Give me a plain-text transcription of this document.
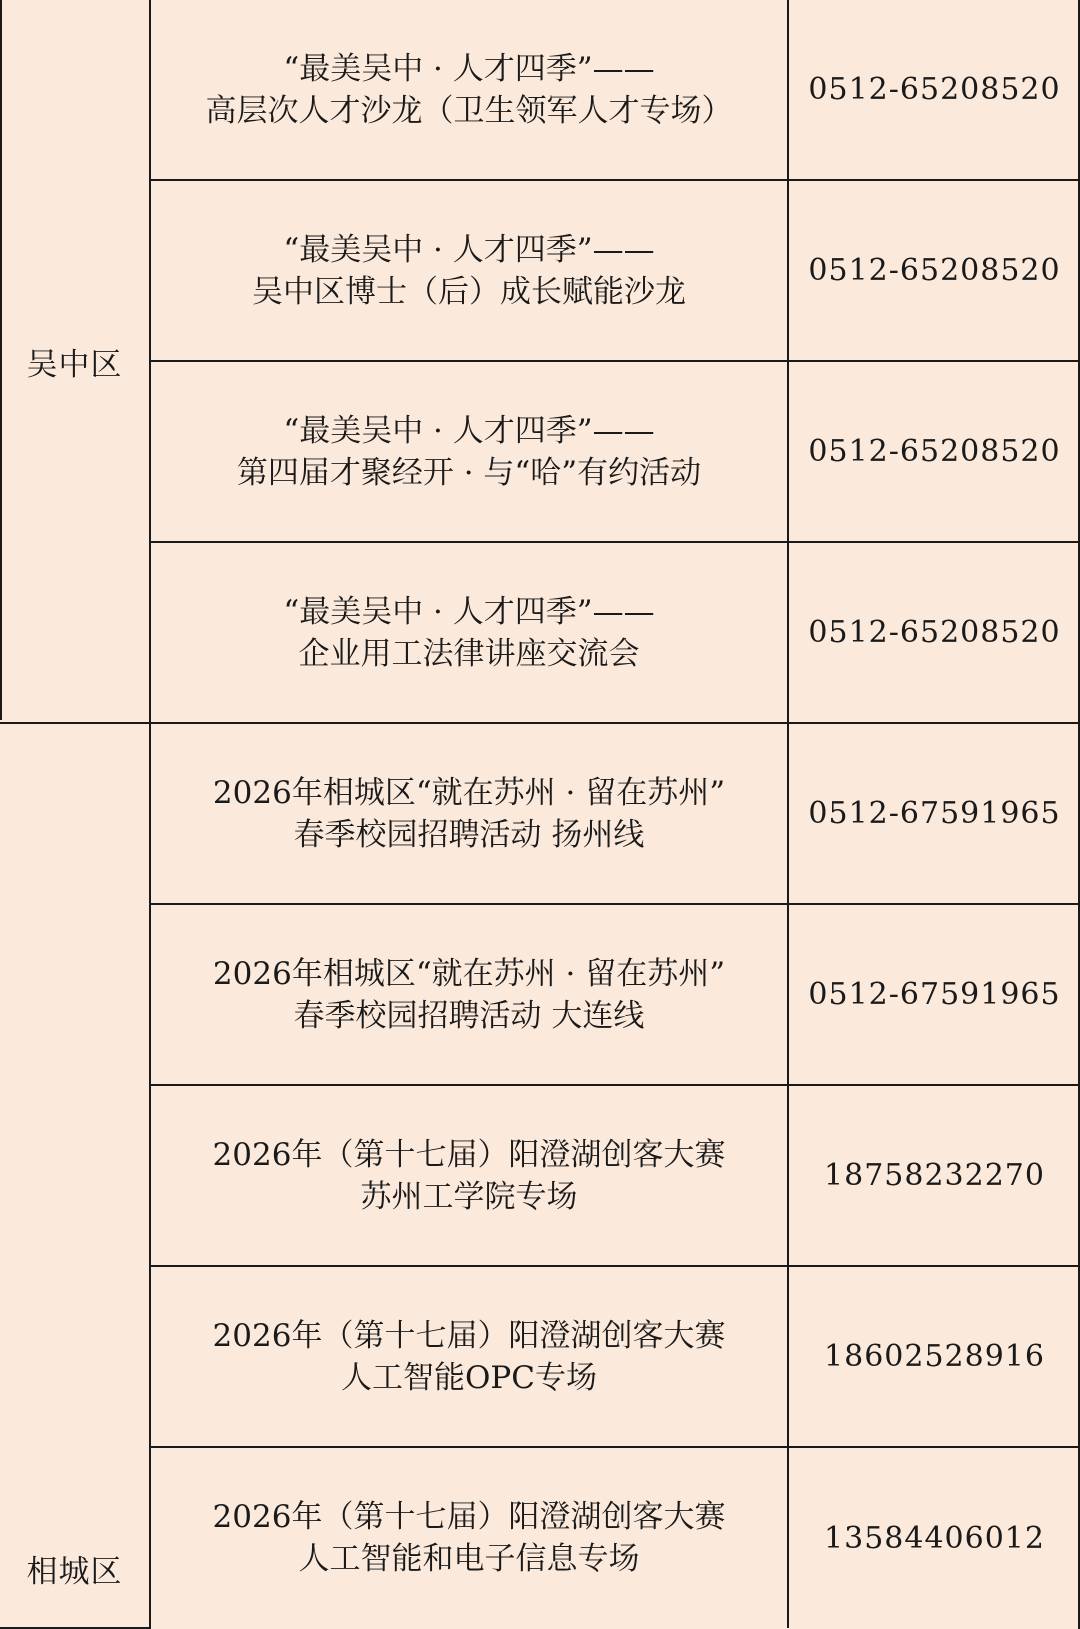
吴中区	“最美吴中 · 人才四季”——
高层次人才沙龙（卫生领军人才专场）	0512-65208520

	“最美吴中 · 人才四季”——
吴中区博士（后）成长赋能沙龙	0512-65208520

	“最美吴中 · 人才四季”——
第四届才聚经开 · 与“哈”有约活动	0512-65208520

	“最美吴中 · 人才四季”——
企业用工法律讲座交流会	0512-65208520
相城区	2026年相城区“就在苏州 · 留在苏州”
春季校园招聘活动 扬州线	0512-67591965

	2026年相城区“就在苏州 · 留在苏州”
春季校园招聘活动 大连线	0512-67591965

	2026年（第十七届）阳澄湖创客大赛
苏州工学院专场	18758232270

	2026年（第十七届）阳澄湖创客大赛
人工智能OPC专场	18602528916

	2026年（第十七届）阳澄湖创客大赛
人工智能和电子信息专场	13584406012
